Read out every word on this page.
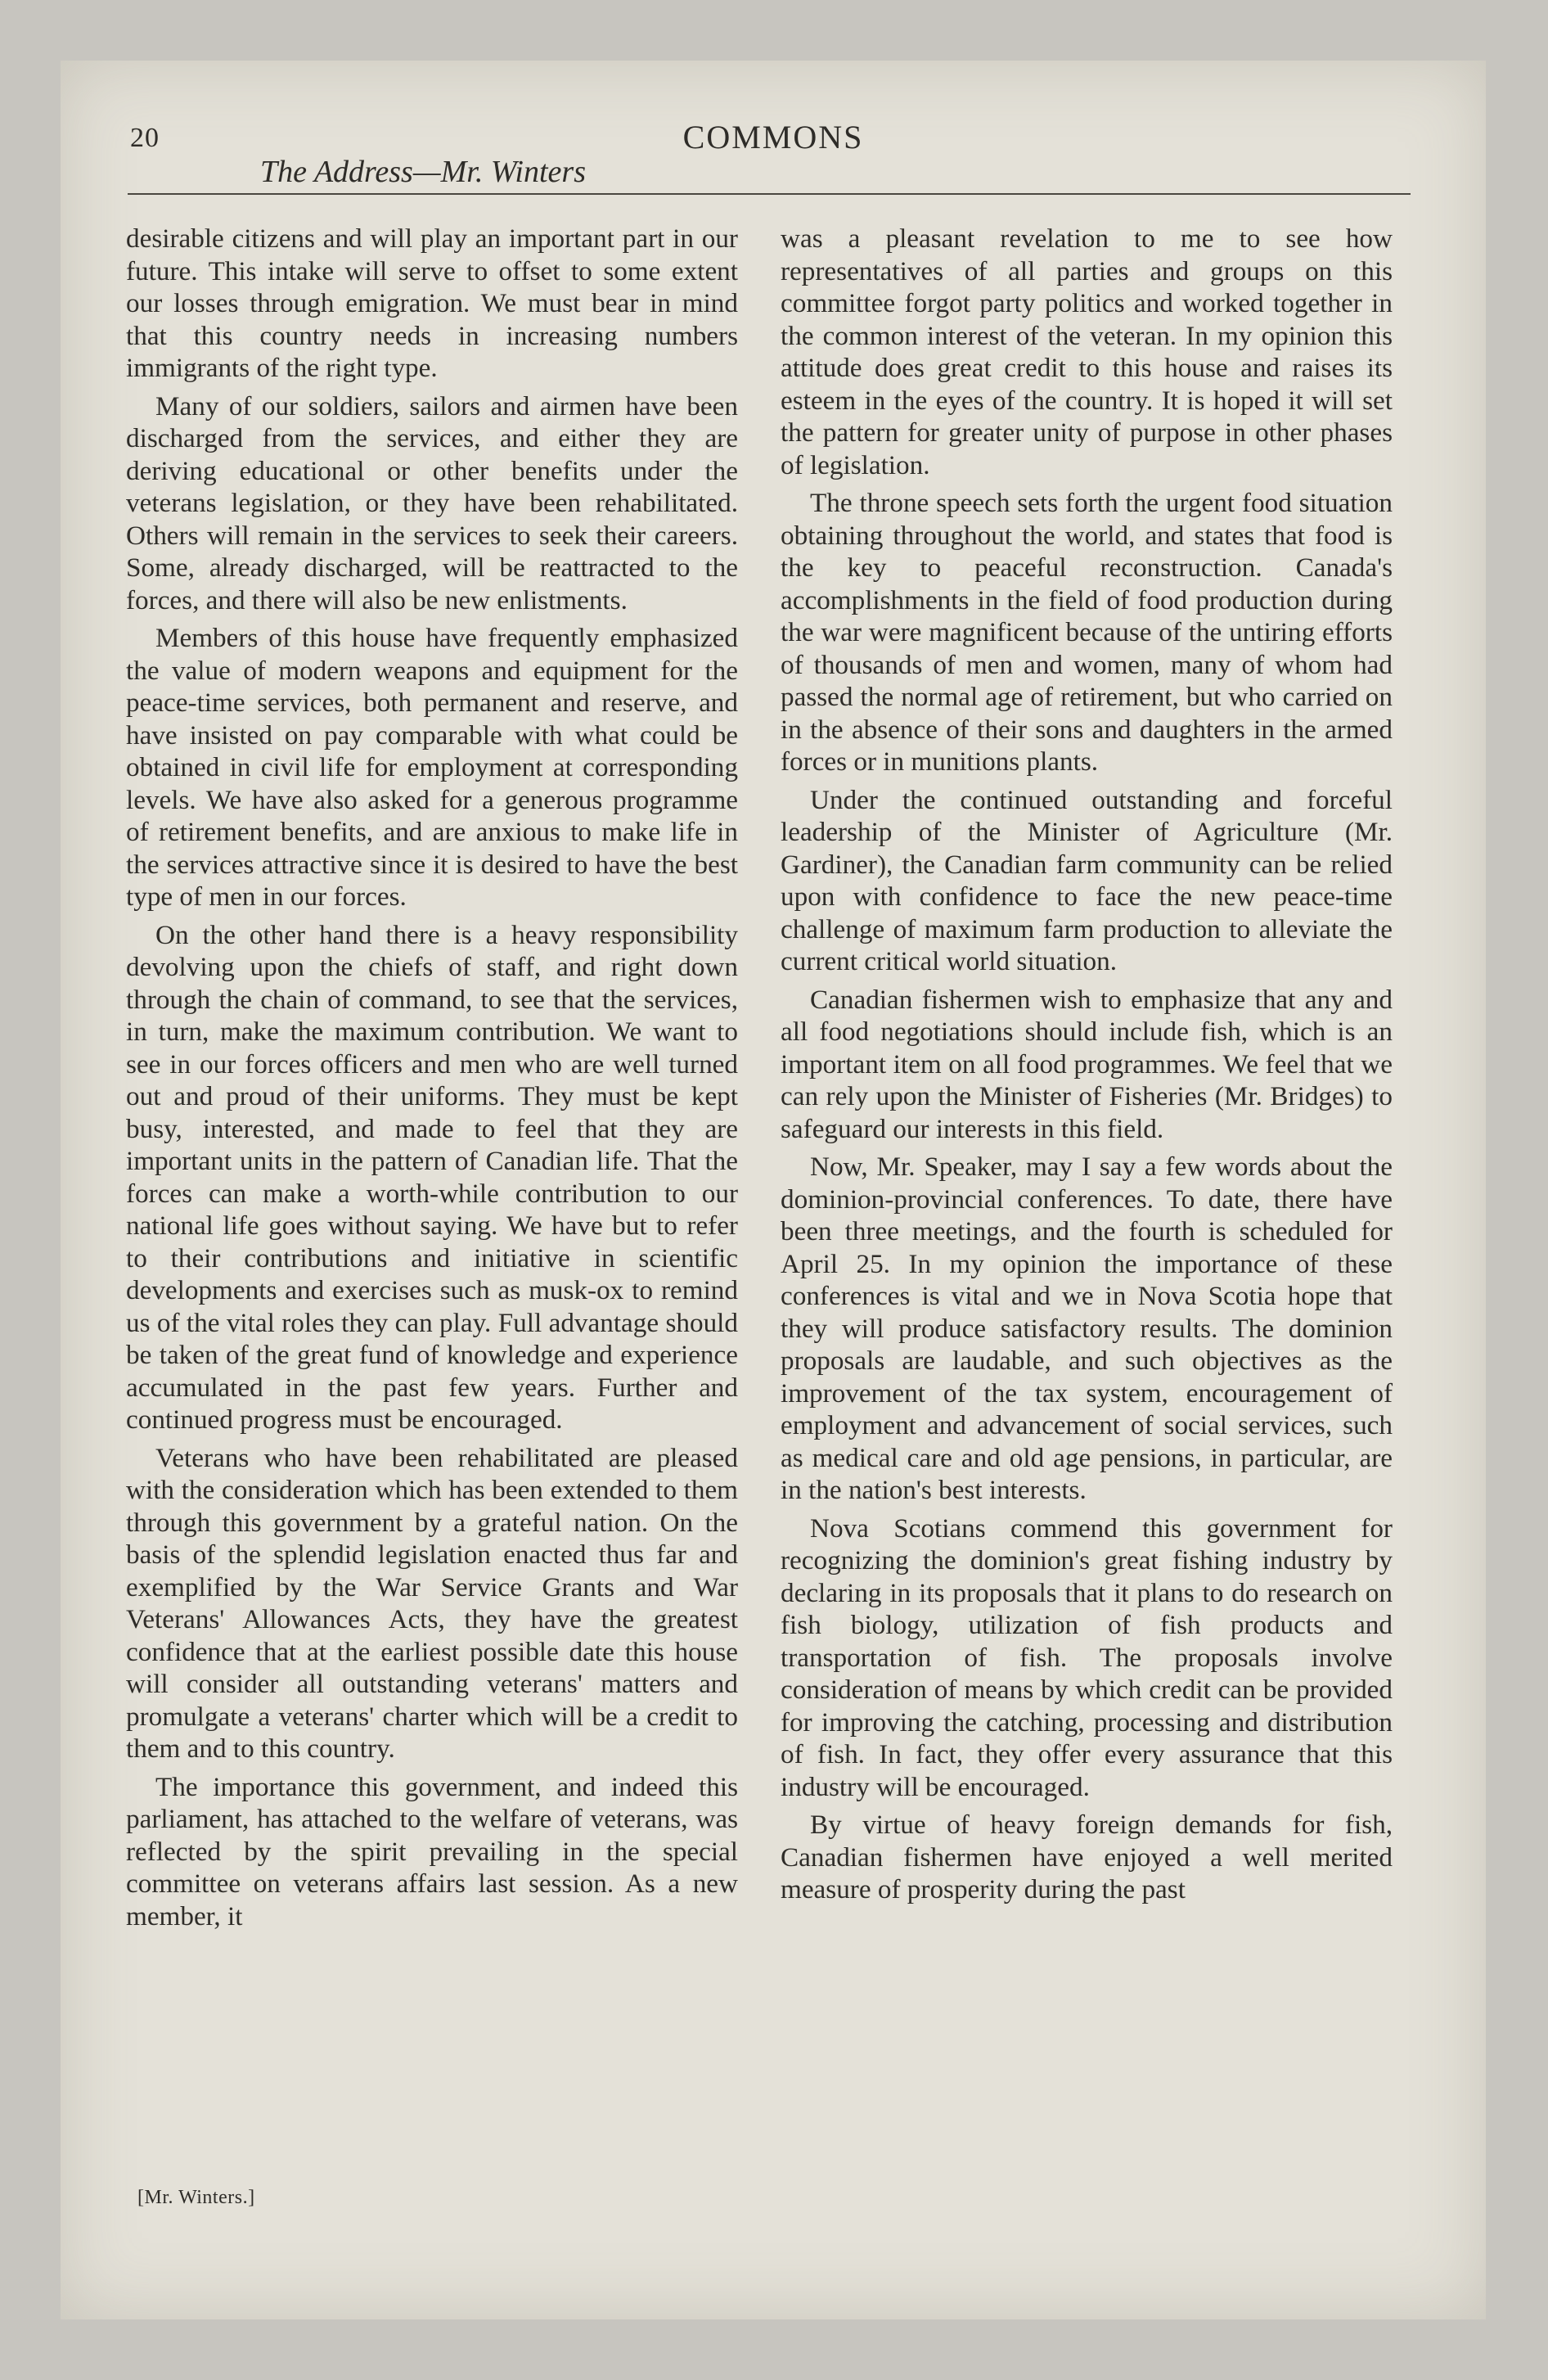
20	COMMONS
The Address—Mr. Winters

desirable citizens and will play an important part in our future. This intake will serve to offset to some extent our losses through emigration. We must bear in mind that this country needs in increasing numbers immigrants of the right type.

Many of our soldiers, sailors and airmen have been discharged from the services, and either they are deriving educational or other benefits under the veterans legislation, or they have been rehabilitated. Others will remain in the services to seek their careers. Some, already discharged, will be reattracted to the forces, and there will also be new enlistments.

Members of this house have frequently emphasized the value of modern weapons and equipment for the peace-time services, both permanent and reserve, and have insisted on pay comparable with what could be obtained in civil life for employment at corresponding levels. We have also asked for a generous programme of retirement benefits, and are anxious to make life in the services attractive since it is desired to have the best type of men in our forces.

On the other hand there is a heavy responsibility devolving upon the chiefs of staff, and right down through the chain of command, to see that the services, in turn, make the maximum contribution. We want to see in our forces officers and men who are well turned out and proud of their uniforms. They must be kept busy, interested, and made to feel that they are important units in the pattern of Canadian life. That the forces can make a worth-while contribution to our national life goes without saying. We have but to refer to their contributions and initiative in scientific developments and exercises such as musk-ox to remind us of the vital roles they can play. Full advantage should be taken of the great fund of knowledge and experience accumulated in the past few years. Further and continued progress must be encouraged.

Veterans who have been rehabilitated are pleased with the consideration which has been extended to them through this government by a grateful nation. On the basis of the splendid legislation enacted thus far and exemplified by the War Service Grants and War Veterans' Allowances Acts, they have the greatest confidence that at the earliest possible date this house will consider all outstanding veterans' matters and promulgate a veterans' charter which will be a credit to them and to this country.

The importance this government, and indeed this parliament, has attached to the welfare of veterans, was reflected by the spirit prevailing in the special committee on veterans affairs last session. As a new member, it

was a pleasant revelation to me to see how representatives of all parties and groups on this committee forgot party politics and worked together in the common interest of the veteran. In my opinion this attitude does great credit to this house and raises its esteem in the eyes of the country. It is hoped it will set the pattern for greater unity of purpose in other phases of legislation.

The throne speech sets forth the urgent food situation obtaining throughout the world, and states that food is the key to peaceful reconstruction. Canada's accomplishments in the field of food production during the war were magnificent because of the untiring efforts of thousands of men and women, many of whom had passed the normal age of retirement, but who carried on in the absence of their sons and daughters in the armed forces or in munitions plants.

Under the continued outstanding and forceful leadership of the Minister of Agriculture (Mr. Gardiner), the Canadian farm community can be relied upon with confidence to face the new peace-time challenge of maximum farm production to alleviate the current critical world situation.

Canadian fishermen wish to emphasize that any and all food negotiations should include fish, which is an important item on all food programmes. We feel that we can rely upon the Minister of Fisheries (Mr. Bridges) to safeguard our interests in this field.

Now, Mr. Speaker, may I say a few words about the dominion-provincial conferences. To date, there have been three meetings, and the fourth is scheduled for April 25. In my opinion the importance of these conferences is vital and we in Nova Scotia hope that they will produce satisfactory results. The dominion proposals are laudable, and such objectives as the improvement of the tax system, encouragement of employment and advancement of social services, such as medical care and old age pensions, in particular, are in the nation's best interests.

Nova Scotians commend this government for recognizing the dominion's great fishing industry by declaring in its proposals that it plans to do research on fish biology, utilization of fish products and transportation of fish. The proposals involve consideration of means by which credit can be provided for improving the catching, processing and distribution of fish. In fact, they offer every assurance that this industry will be encouraged.

By virtue of heavy foreign demands for fish, Canadian fishermen have enjoyed a well merited measure of prosperity during the past

[Mr. Winters.]
